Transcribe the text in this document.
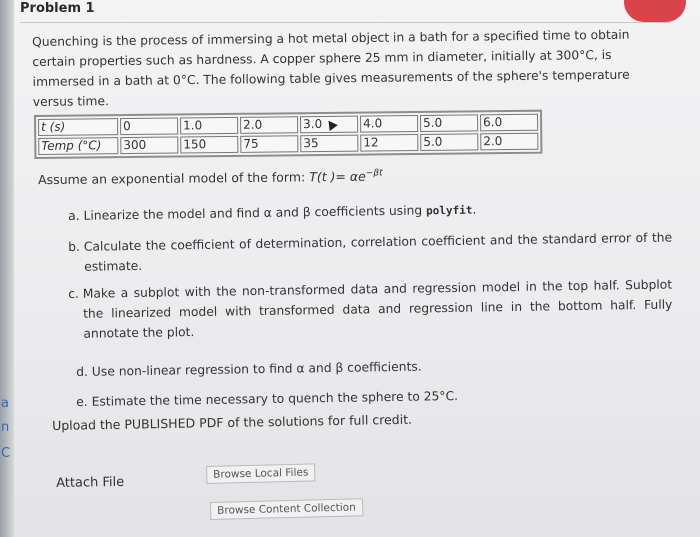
a
n
C
Problem 1
Quenching is the process of immersing a hot metal object in a bath for a specified time to obtain certain properties such as hardness. A copper sphere 25 mm in diameter, initially at 300°C, is immersed in a bath at 0°C. The following table gives measurements of the sphere's temperature versus time.
t (s)	0	1.0	2.0	3.0	4.0	5.0	6.0
Temp (°C)	300	150	75	35	12	5.0	2.0
Assume an exponential model of the form: T(t )= $\alpha e^{-\beta t}$
a. Linearize the model and find α and β coefficients using polyfit.
b. Calculate the coefficient of determination, correlation coefficient and the standard error of the estimate.
c. Make a subplot with the non-transformed data and regression model in the top half. Subplot the linearized model with transformed data and regression line in the bottom half. Fully annotate the plot.
d. Use non-linear regression to find α and β coefficients.
e. Estimate the time necessary to quench the sphere to 25°C.
Upload the PUBLISHED PDF of the solutions for full credit.
Attach File
Browse Local Files
Browse Content Collection
